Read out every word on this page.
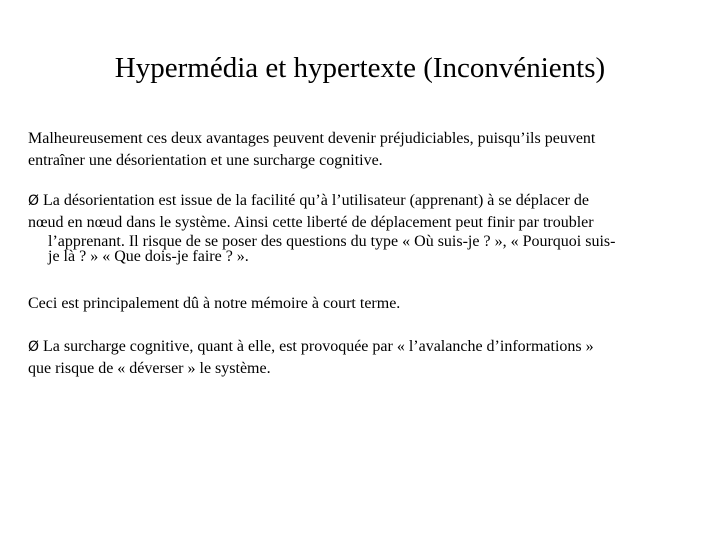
Hypermédia et hypertexte (Inconvénients)

Malheureusement ces deux avantages peuvent devenir préjudiciables, puisqu’ils peuvent
entraîner une désorientation et une surcharge cognitive.

Ø La désorientation est issue de la facilité qu’à l’utilisateur (apprenant) à se déplacer de
nœud en nœud dans le système. Ainsi cette liberté de déplacement peut finir par troubler
l’apprenant. Il risque de se poser des questions du type « Où suis-je ? », « Pourquoi suis-
je là ? » « Que dois-je faire ? ».

Ceci est principalement dû à notre mémoire à court terme.

Ø La surcharge cognitive, quant à elle, est provoquée par « l’avalanche d’informations »
que risque de « déverser » le système.
